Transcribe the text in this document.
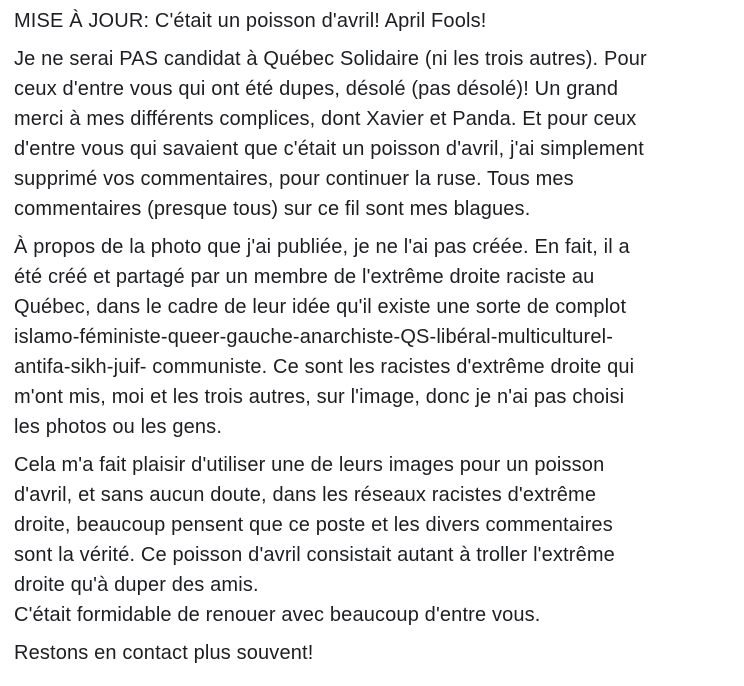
MISE À JOUR: C'était un poisson d'avril! April Fools!

Je ne serai PAS candidat à Québec Solidaire (ni les trois autres). Pour
ceux d'entre vous qui ont été dupes, désolé (pas désolé)! Un grand
merci à mes différents complices, dont Xavier et Panda. Et pour ceux
d'entre vous qui savaient que c'était un poisson d'avril, j'ai simplement
supprimé vos commentaires, pour continuer la ruse. Tous mes
commentaires (presque tous) sur ce fil sont mes blagues.

À propos de la photo que j'ai publiée, je ne l'ai pas créée. En fait, il a
été créé et partagé par un membre de l'extrême droite raciste au
Québec, dans le cadre de leur idée qu'il existe une sorte de complot
islamo-féministe-queer-gauche-anarchiste-QS-libéral-multiculturel-
antifa-sikh-juif- communiste. Ce sont les racistes d'extrême droite qui
m'ont mis, moi et les trois autres, sur l'image, donc je n'ai pas choisi
les photos ou les gens.

Cela m'a fait plaisir d'utiliser une de leurs images pour un poisson
d'avril, et sans aucun doute, dans les réseaux racistes d'extrême
droite, beaucoup pensent que ce poste et les divers commentaires
sont la vérité. Ce poisson d'avril consistait autant à troller l'extrême
droite qu'à duper des amis.
C'était formidable de renouer avec beaucoup d'entre vous.

Restons en contact plus souvent!
